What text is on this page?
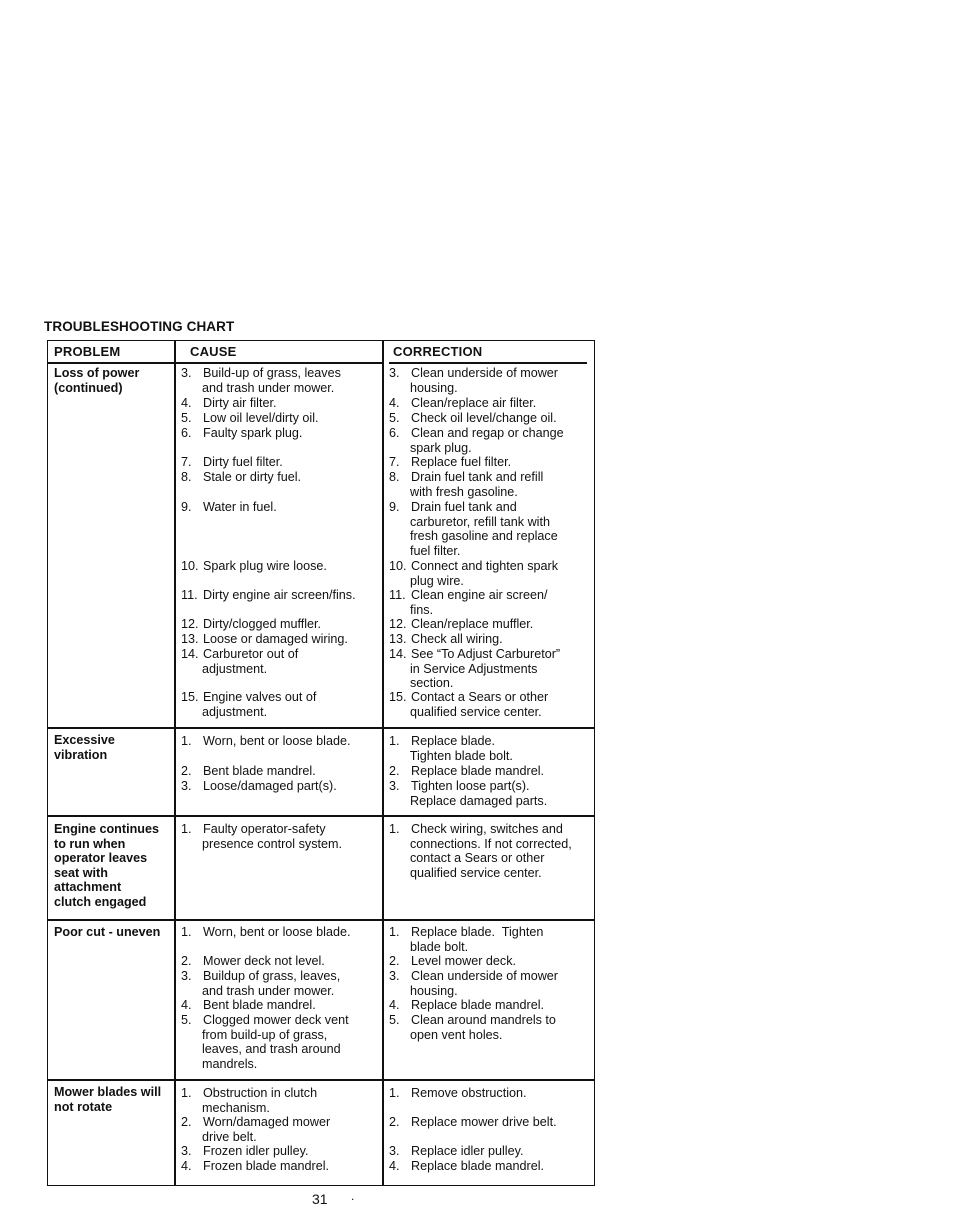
TROUBLESHOOTING CHART
PROBLEM	CAUSE	CORRECTION
Loss of power
(continued)
3. Build-up of grass, leaves
and trash under mower.
4. Dirty air filter.
5. Low oil level/dirty oil.
6. Faulty spark plug.
7. Dirty fuel filter.
8. Stale or dirty fuel.
9. Water in fuel.
10. Spark plug wire loose.
11. Dirty engine air screen/fins.
12. Dirty/clogged muffler.
13. Loose or damaged wiring.
14. Carburetor out of
adjustment.
15. Engine valves out of
adjustment.
3. Clean underside of mower
housing.
4. Clean/replace air filter.
5. Check oil level/change oil.
6. Clean and regap or change
spark plug.
7. Replace fuel filter.
8. Drain fuel tank and refill
with fresh gasoline.
9. Drain fuel tank and
carburetor, refill tank with
fresh gasoline and replace
fuel filter.
10. Connect and tighten spark
plug wire.
11. Clean engine air screen/
fins.
12. Clean/replace muffler.
13. Check all wiring.
14. See “To Adjust Carburetor”
in Service Adjustments
section.
15. Contact a Sears or other
qualified service center.
Excessive
vibration
1. Worn, bent or loose blade.
2. Bent blade mandrel.
3. Loose/damaged part(s).
1. Replace blade.
Tighten blade bolt.
2. Replace blade mandrel.
3. Tighten loose part(s).
Replace damaged parts.
Engine continues
to run when
operator leaves
seat with
attachment
clutch engaged
1. Faulty operator-safety
presence control system.
1. Check wiring, switches and
connections. If not corrected,
contact a Sears or other
qualified service center.
Poor cut - uneven 1. Worn, bent or loose blade.
2. Mower deck not level.
3. Buildup of grass, leaves,
and trash under mower.
4. Bent blade mandrel.
5. Clogged mower deck vent
from build-up of grass,
leaves, and trash around
mandrels.
1. Replace blade.  Tighten
blade bolt.
2. Level mower deck.
3. Clean underside of mower
housing.
4. Replace blade mandrel.
5. Clean around mandrels to
open vent holes.
Mower blades will
not rotate
1. Obstruction in clutch
mechanism.
2. Worn/damaged mower
drive belt.
3. Frozen idler pulley.
4. Frozen blade mandrel.
1. Remove obstruction.
2. Replace mower drive belt.
3. Replace idler pulley.
4. Replace blade mandrel.
31 .
